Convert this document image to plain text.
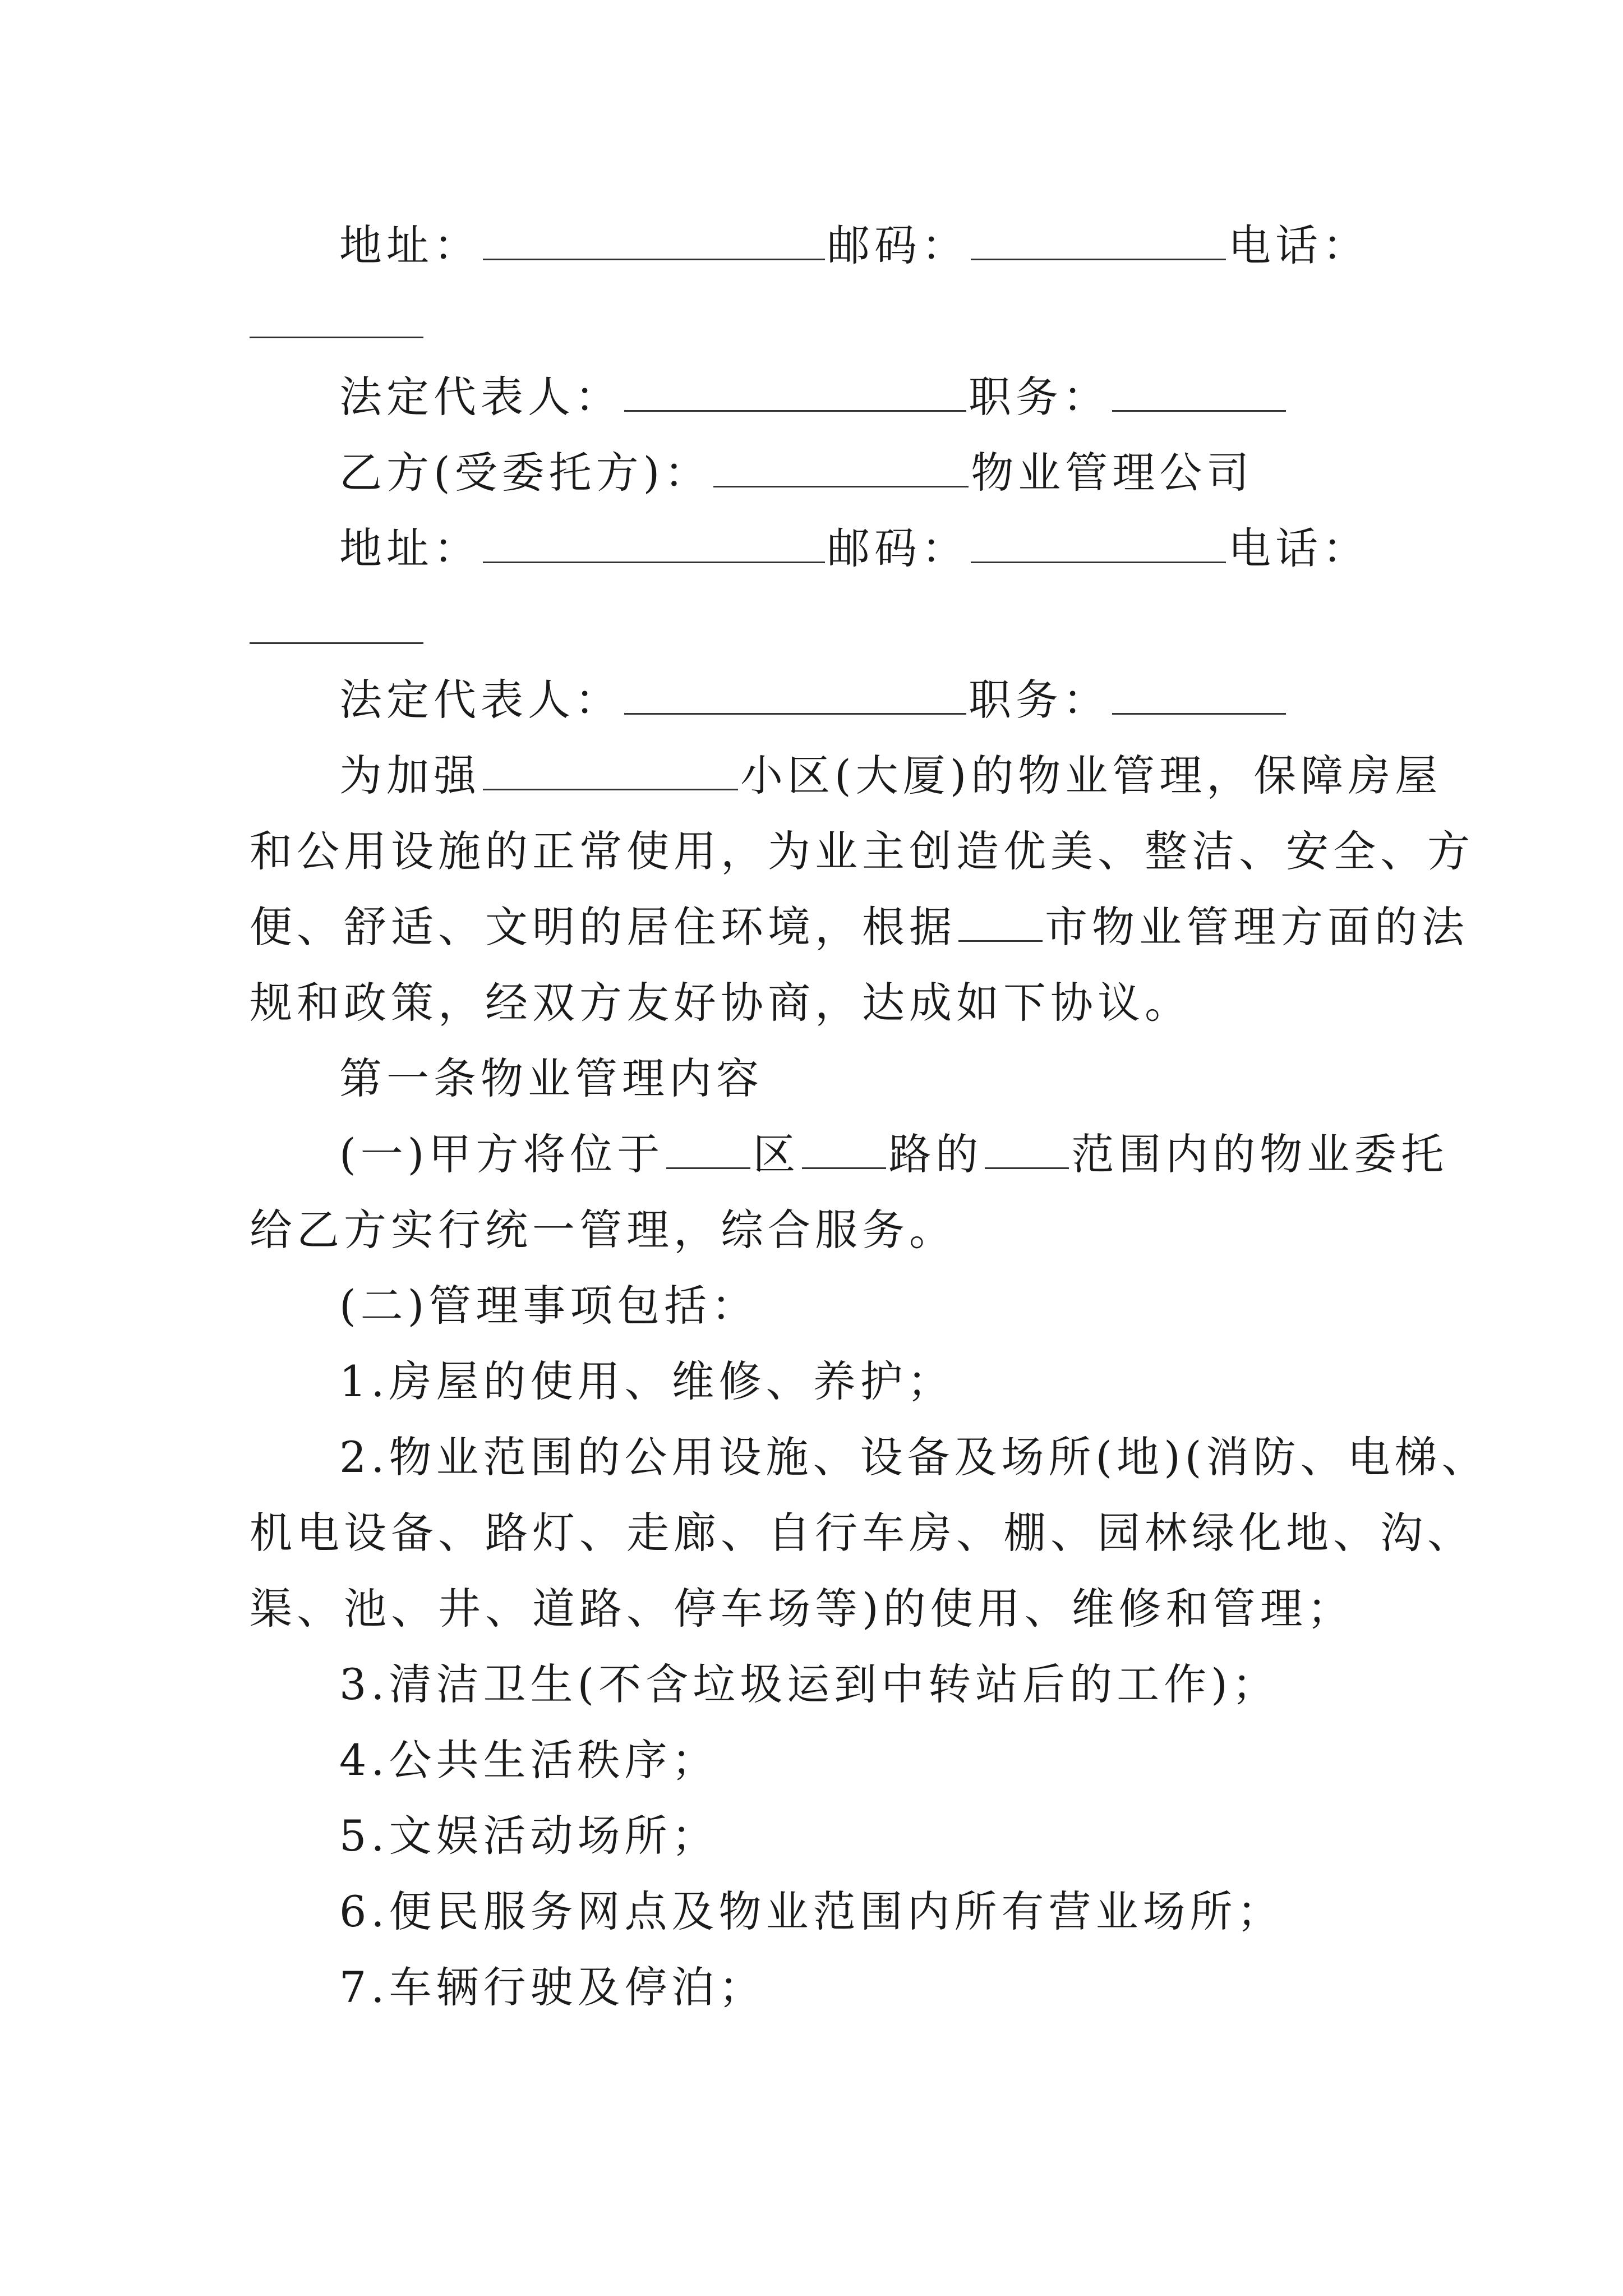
地址：	邮码：	电话：
法定代表人：	职务：
乙方(受委托方)：	物业管理公司
地址：	邮码：	电话：
法定代表人：	职务：
为加强	小区(大厦)的物业管理，保障房屋
和公用设施的正常使用，为业主创造优美、整洁、安全、方
便、舒适、文明的居住环境，根据 市物业管理方面的法
规和政策，经双方友好协商，达成如下协议。
第一条物业管理内容
(一)甲方将位于 区 路的 范围内的物业委托
给乙方实行统一管理，综合服务。
(二)管理事项包括：
1.房屋的使用、维修、养护；
2.物业范围的公用设施、设备及场所(地)(消防、电梯、
机电设备、路灯、走廊、自行车房、棚、园林绿化地、沟、
渠、池、井、道路、停车场等)的使用、维修和管理；
3.清洁卫生(不含垃圾运到中转站后的工作)；
4.公共生活秩序；
5.文娱活动场所；
6.便民服务网点及物业范围内所有营业场所；
7.车辆行驶及停泊；
